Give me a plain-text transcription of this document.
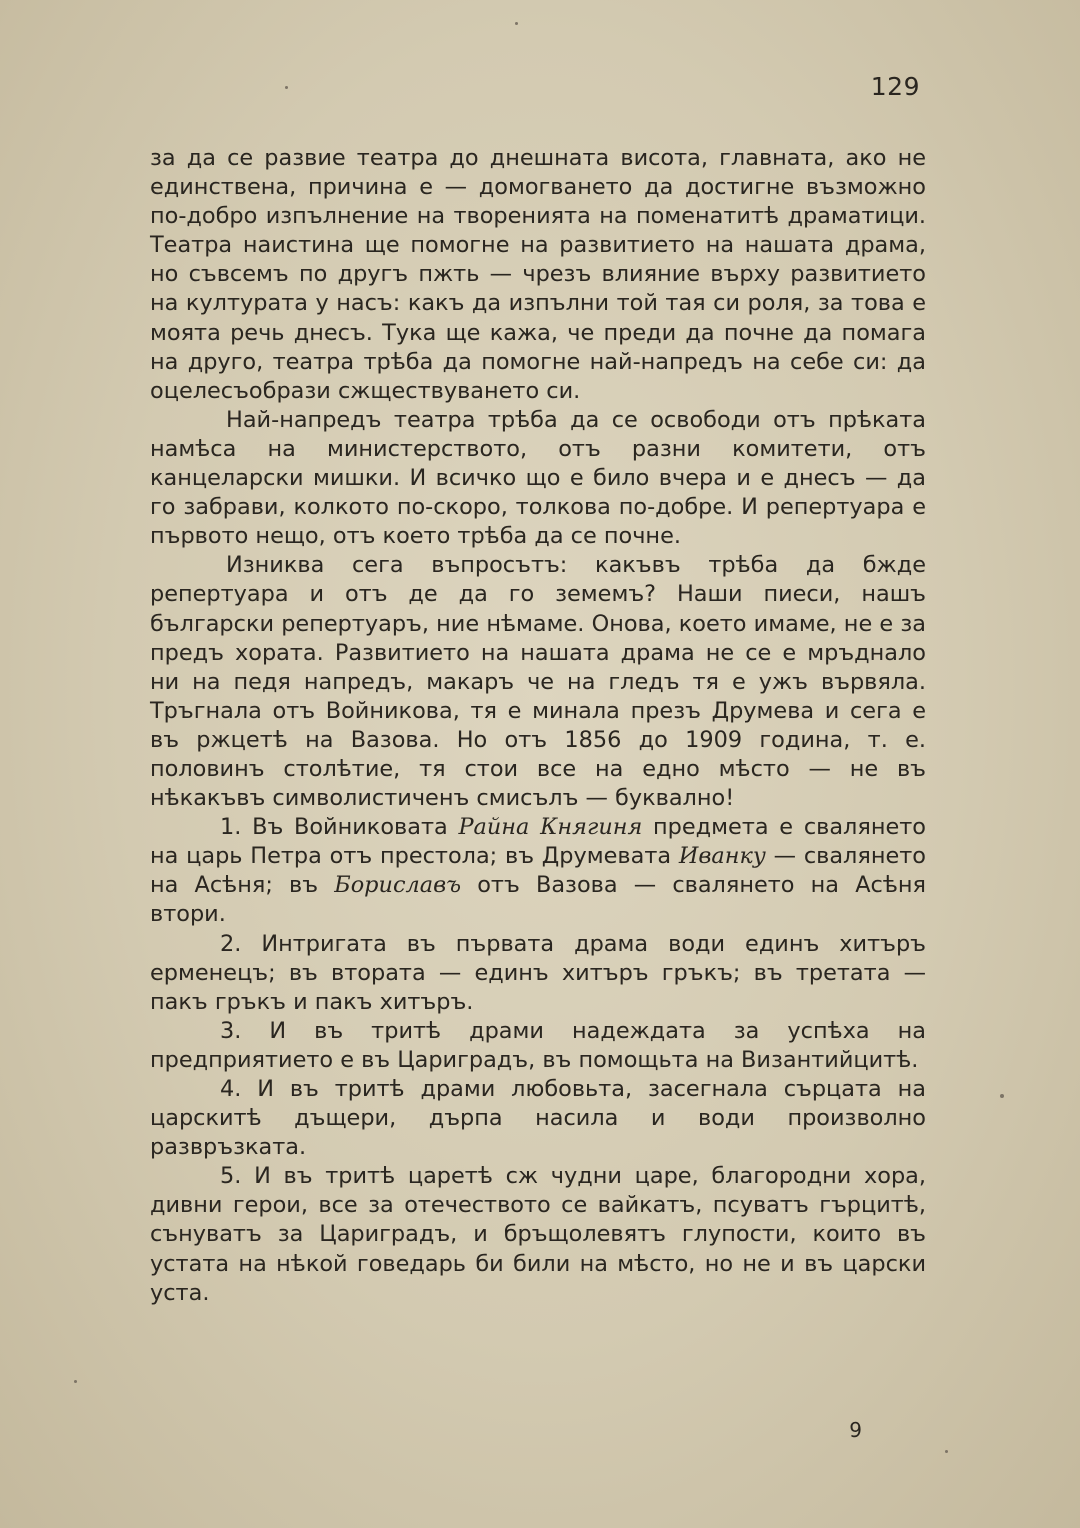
129

за да се развие театра до днешната висота, главната, ако не единствена, причина е — домогването да достигне възможно по-добро изпълнение на творенията на поменатитѣ драматици. Театра наистина ще помогне на развитието на нашата драма, но съвсемъ по другъ пжть — чрезъ влияние върху развитието на културата у насъ: какъ да изпълни той тая си роля, за това е моята речь днесъ. Тука ще кажа, че преди да почне да помага на друго, театра трѣба да помогне най-напредъ на себе си: да оцелесъобрази сжществуването си.

Най-напредъ театра трѣба да се освободи отъ прѣката намѣса на министерството, отъ разни комитети, отъ канцеларски мишки. И всичко що е било вчера и е днесъ — да го забрави, колкото по-скоро, толкова по-добре. И репертуара е първото нещо, отъ което трѣба да се почне.

Изниква сега въпросътъ: какъвъ трѣба да бжде репертуара и отъ де да го земемъ? Наши пиеси, нашъ български репертуаръ, ние нѣмаме. Онова, което имаме, не е за предъ хората. Развитието на нашата драма не се е мръднало ни на педя напредъ, макаръ че на гледъ тя е ужъ вървяла. Тръгнала отъ Войникова, тя е минала презъ Друмева и сега е въ ржцетѣ на Вазова. Но отъ 1856 до 1909 година, т. е. половинъ столѣтие, тя стои все на едно мѣсто — не въ нѣкакъвъ символистиченъ смисълъ — буквално!

1. Въ Войниковата Райна Княгиня предмета е свалянето на царь Петра отъ престола; въ Друмевата Иванку — свалянето на Асѣня; въ Бориславъ отъ Вазова — свалянето на Асѣня втори.

2. Интригата въ първата драма води единъ хитъръ ерменецъ; въ втората — единъ хитъръ гръкъ; въ третата — пакъ гръкъ и пакъ хитъръ.

3. И въ тритѣ драми надеждата за успѣха на предприятието е въ Цариградъ, въ помощьта на Византийцитѣ.

4. И въ тритѣ драми любовьта, засегнала сърцата на царскитѣ дъщери, дърпа насила и води произволно развръзката.

5. И въ тритѣ царетѣ сж чудни царе, благородни хора, дивни герои, все за отечеството се вайкатъ, псуватъ гърцитѣ, сънуватъ за Цариградъ, и бръщолевятъ глупости, които въ устата на нѣкой говедарь би били на мѣсто, но не и въ царски уста.

9
